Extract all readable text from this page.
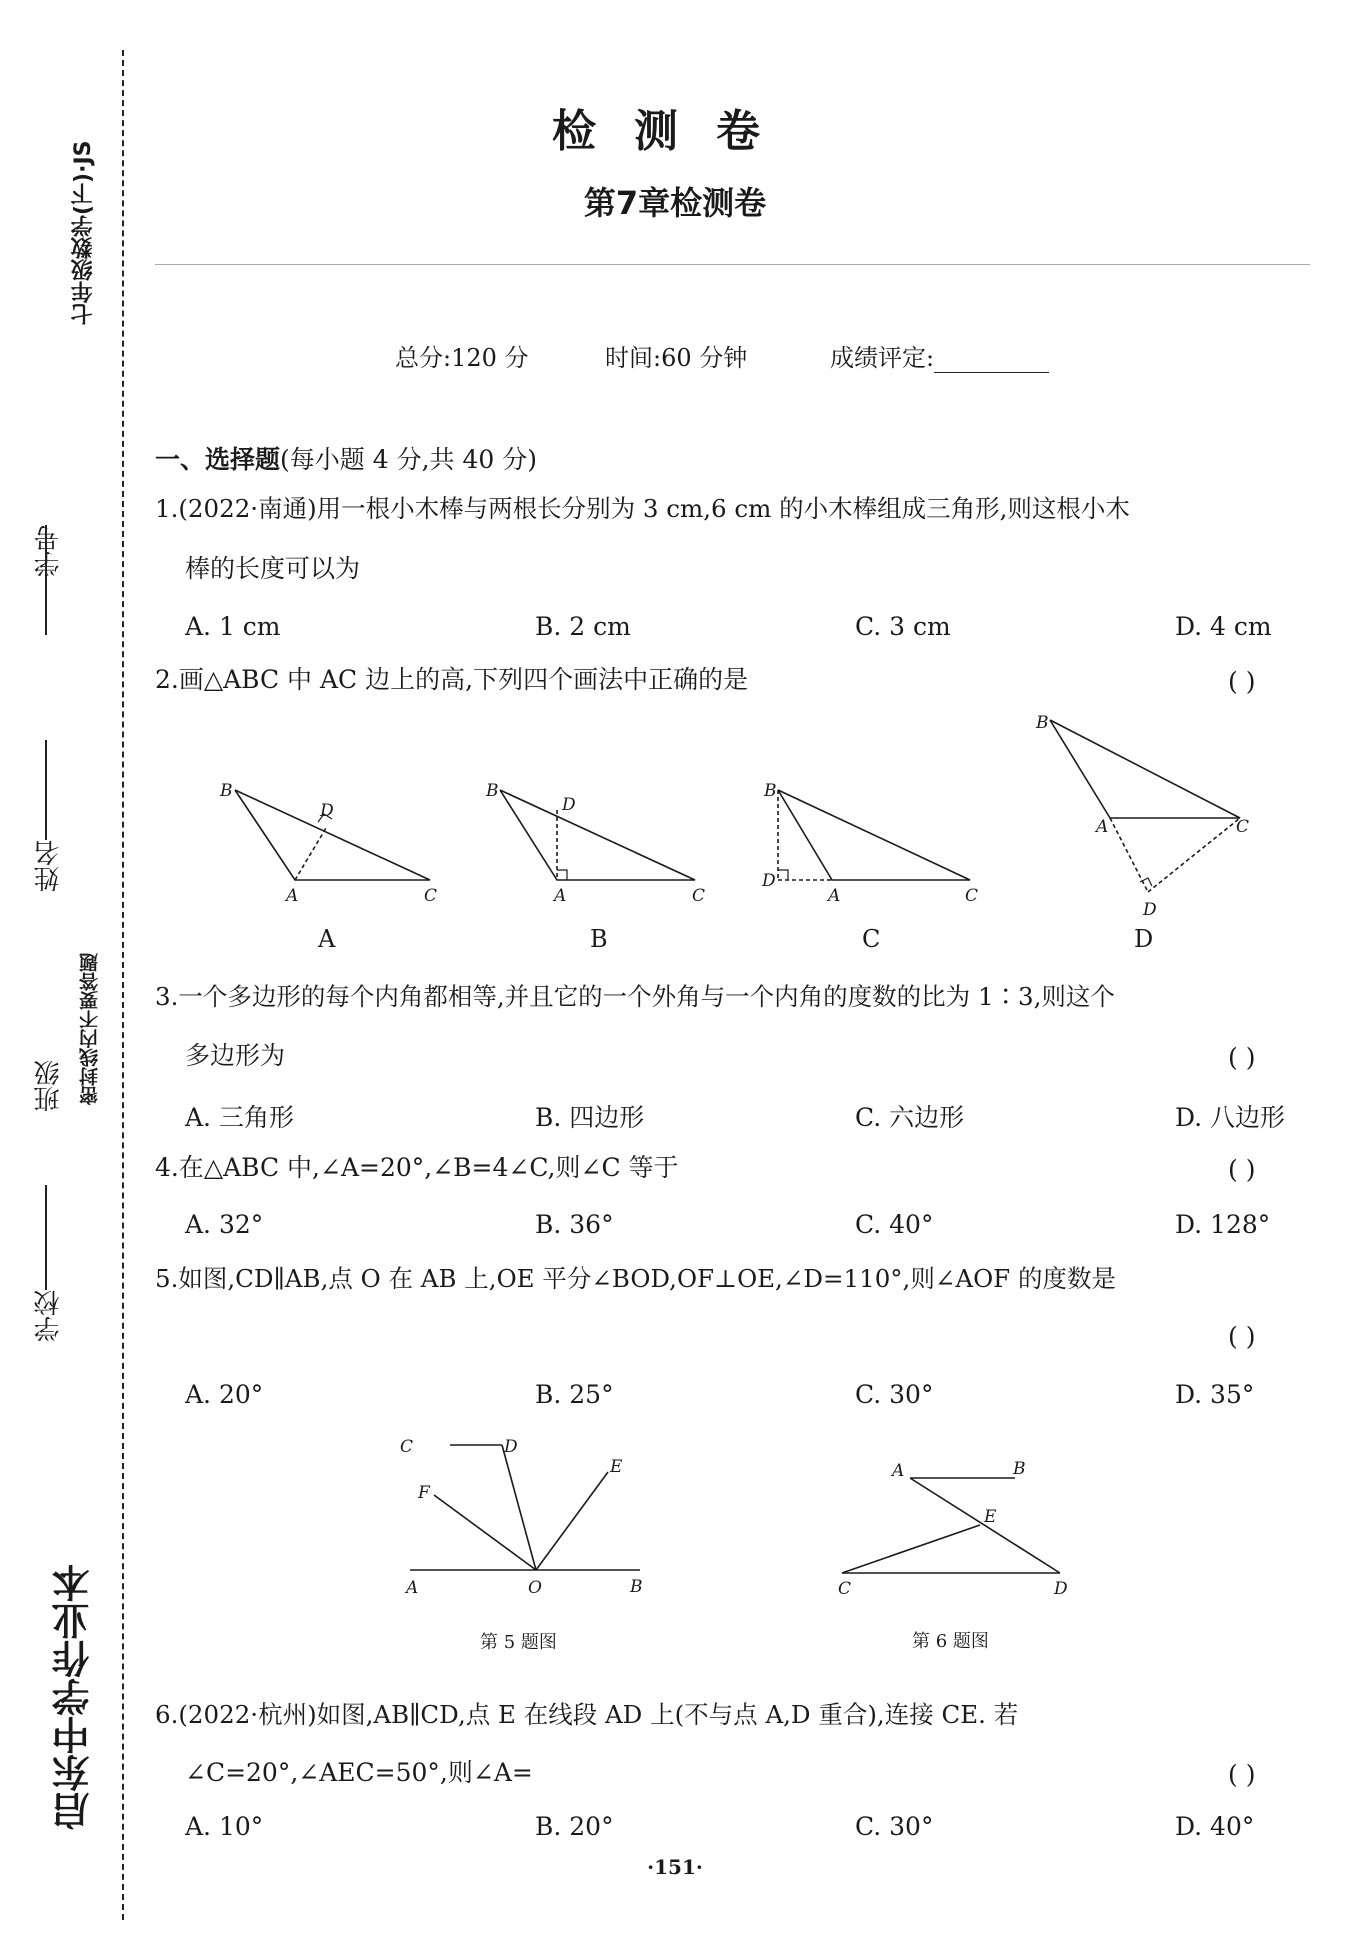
七年级数学(下)·JS
密封线内不要答题
启东中学作业本
学号
姓名
班级
学校
检测卷
第7章检测卷
总分:120 分	时间:60 分钟	成绩评定:
一、选择题(每小题 4 分,共 40 分)
1.(2022·南通)用一根小木棒与两根长分别为 3 cm,6 cm 的小木棒组成三角形,则这根小木
棒的长度可以为
A. 1 cm	B. 2 cm	C. 3 cm	D. 4 cm
2.画△ABC 中 AC 边上的高,下列四个画法中正确的是	( )
B
D
A	C
B
D
A	C
B
D
A	C
B
A	C
D
A	B	C	D
3.一个多边形的每个内角都相等,并且它的一个外角与一个内角的度数的比为 1∶3,则这个
多边形为	( )
A. 三角形	B. 四边形	C. 六边形	D. 八边形
4.在△ABC 中,∠A=20°,∠B=4∠C,则∠C 等于	( )
A. 32°	B. 36°	C. 40°	D. 128°
5.如图,CD∥AB,点 O 在 AB 上,OE 平分∠BOD,OF⊥OE,∠D=110°,则∠AOF 的度数是
( )
A. 20°	B. 25°	C. 30°	D. 35°
C	D
E
F
A	O	B
A	B
E
C	D
第 5 题图	第 6 题图
6.(2022·杭州)如图,AB∥CD,点 E 在线段 AD 上(不与点 A,D 重合),连接 CE. 若
∠C=20°,∠AEC=50°,则∠A=	( )
A. 10°	B. 20°	C. 30°	D. 40°
·151·
